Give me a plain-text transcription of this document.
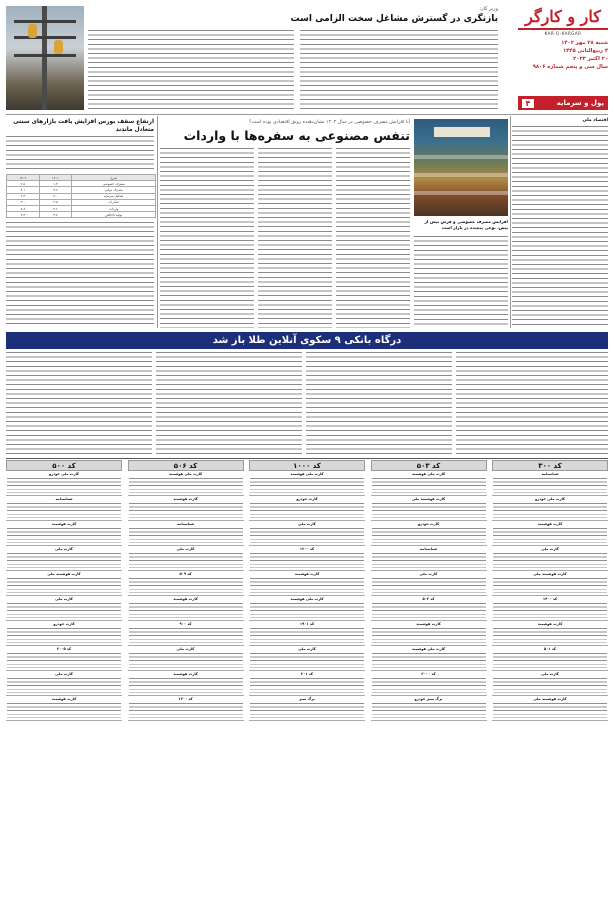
کار و کارگر
KAR-O-KARGAR
شنبه ۲۸ مهر ۱۴۰۲
۴ ربیع‌الثانی ۱۴۴۵
۲۰ اکتبر ۲۰۲۳
سال سی و پنجم شماره ۹۸۰۶
پول و سرمایه
۴
وزیر کار:
بازنگری در گسترش مشاغل سخت الزامی است
اقتصاد ملی
افزایش مصرف خصوصی و فرش بیش از پیش، نوعی پیچیده در بازار است
آیا افزایش مصرف خصوصی در سال ۱۴۰۲ نشان‌دهنده رونق اقتصادی بوده است؟
تنفس مصنوعی به سفره‌ها با واردات
ارتفاع سقف بورس افزایش یافت بازارهای سنتی متعادل ماندند
شرح	۱۴۰۱	۱۴۰۲
مصرف خصوصی	۱.۴	۲.۵
مصرف دولتی	۳.۲	۴.۱
تشکیل سرمایه	۳.۰	۲.۳
صادرات	۲.۵	۳.۰
واردات	۴.۶	۷.۸
تولید ناخالص	۳.۷	۴.۳
درگاه بانکی ۹ سکوی آنلاین طلا باز شد
کد ۳۰۰
شناسنامه
کارت ملی خودرو
کارت هوشمند
کارت ملی
کارت هوشمند ملی
کد ۱۴۰۰
کارت هوشمند
کد ۵۰۱
کارت ملی
کارت هوشمند ملی
کد ۵۰۳
کارت ملی هوشمند
کارت هوشمند ملی
کارت خودرو
شناسنامه
کارت ملی
کد ۵۰۳
کارت هوشمند
کارت ملی هوشمند
کد ۲۰۰۰
برگ سبز خودرو
کد ۱۰۰۰
کارت ملی هوشمند
کارت خودرو
کارت ملی
کد ۱۲۰۰
کارت هوشمند
کارت ملی هوشمند
کد ۱۹۰۱
کارت ملی
کد ۲۰۱
برگ سبز
کد ۵۰۶
کارت ملی هوشمند
کارت هوشمند
شناسنامه
کارت ملی
کد ۵۰۹
کارت هوشمند
کد ۹۰۰
کارت ملی
کارت هوشمند
کد ۱۳۰۰
کد ۵۰۰
کارت ملی خودرو
شناسنامه
کارت هوشمند
کارت ملی
کارت هوشمند ملی
کارت ملی
کارت خودرو
کد ۲۰۰۵
کارت ملی
کارت هوشمند
